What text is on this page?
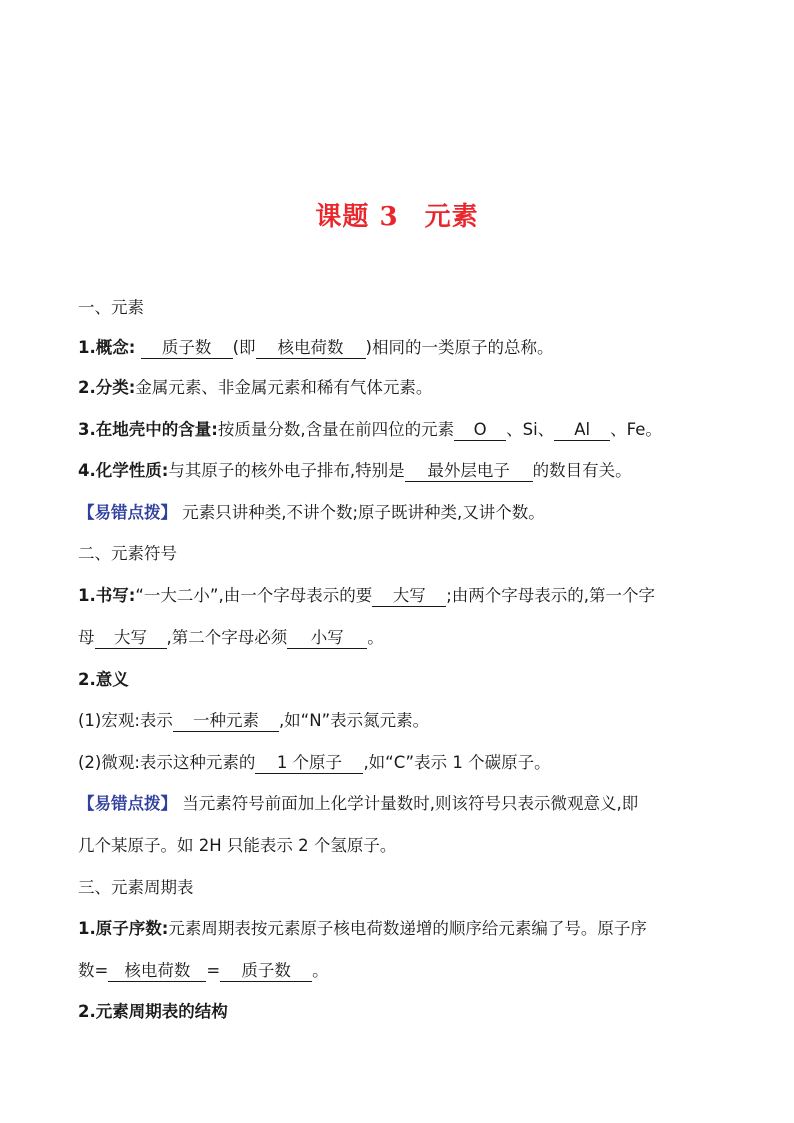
课题 3 元素
一、元素
1.概念: 质子数 (即 核电荷数 )相同的一类原子的总称。
2.分类:金属元素、非金属元素和稀有气体元素。
3.在地壳中的含量:按质量分数,含量在前四位的元素 O 、Si、 Al 、Fe。
4.化学性质:与其原子的核外电子排布,特别是 最外层电子 的数目有关。
【易错点拨】 元素只讲种类,不讲个数;原子既讲种类,又讲个数。
二、元素符号
1.书写:“一大二小”,由一个字母表示的要 大写 ;由两个字母表示的,第一个字
母 大写 ,第二个字母必须 小写 。
2.意义
(1)宏观:表示 一种元素 ,如“N”表示氮元素。
(2)微观:表示这种元素的 1 个原子 ,如“C”表示 1 个碳原子。
【易错点拨】 当元素符号前面加上化学计量数时,则该符号只表示微观意义,即
几个某原子。如 2H 只能表示 2 个氢原子。
三、元素周期表
1.原子序数:元素周期表按元素原子核电荷数递增的顺序给元素编了号。原子序
数= 核电荷数 = 质子数 。
2.元素周期表的结构
